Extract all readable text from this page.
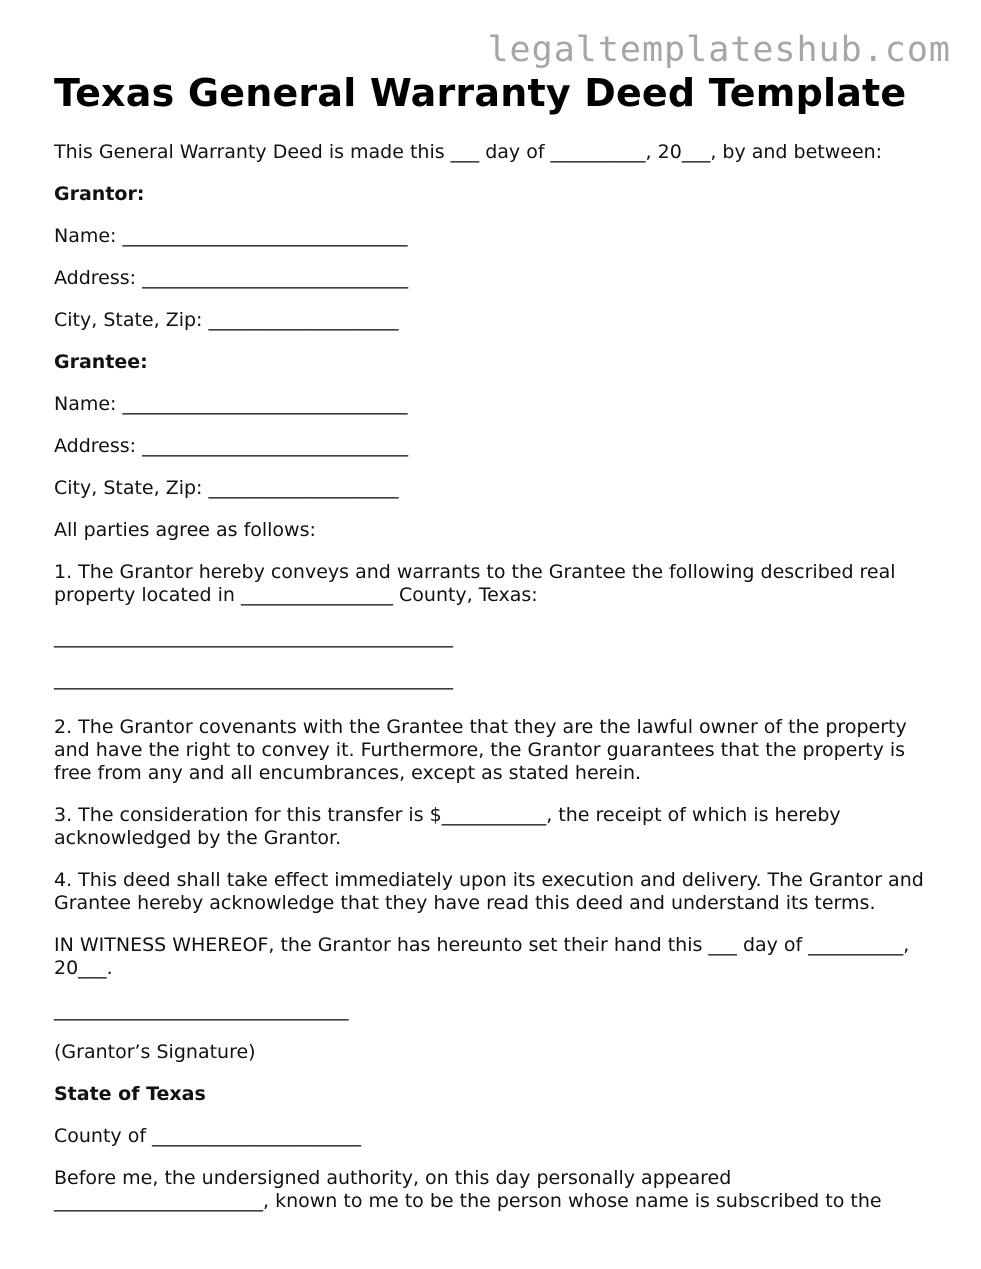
legaltemplateshub.com
Texas General Warranty Deed Template

This General Warranty Deed is made this ___ day of __________, 20___, by and between:

Grantor:

Name: ______________________________

Address: ____________________________

City, State, Zip: ____________________

Grantee:

Name: ______________________________

Address: ____________________________

City, State, Zip: ____________________

All parties agree as follows:

1. The Grantor hereby conveys and warrants to the Grantee the following described real property located in ________________ County, Texas:

__________________________________________

__________________________________________

2. The Grantor covenants with the Grantee that they are the lawful owner of the property and have the right to convey it. Furthermore, the Grantor guarantees that the property is free from any and all encumbrances, except as stated herein.

3. The consideration for this transfer is $___________, the receipt of which is hereby acknowledged by the Grantor.

4. This deed shall take effect immediately upon its execution and delivery. The Grantor and Grantee hereby acknowledge that they have read this deed and understand its terms.

IN WITNESS WHEREOF, the Grantor has hereunto set their hand this ___ day of __________, 20___.

_______________________________

(Grantor’s Signature)

State of Texas

County of ______________________

Before me, the undersigned authority, on this day personally appeared ______________________, known to me to be the person whose name is subscribed to the
